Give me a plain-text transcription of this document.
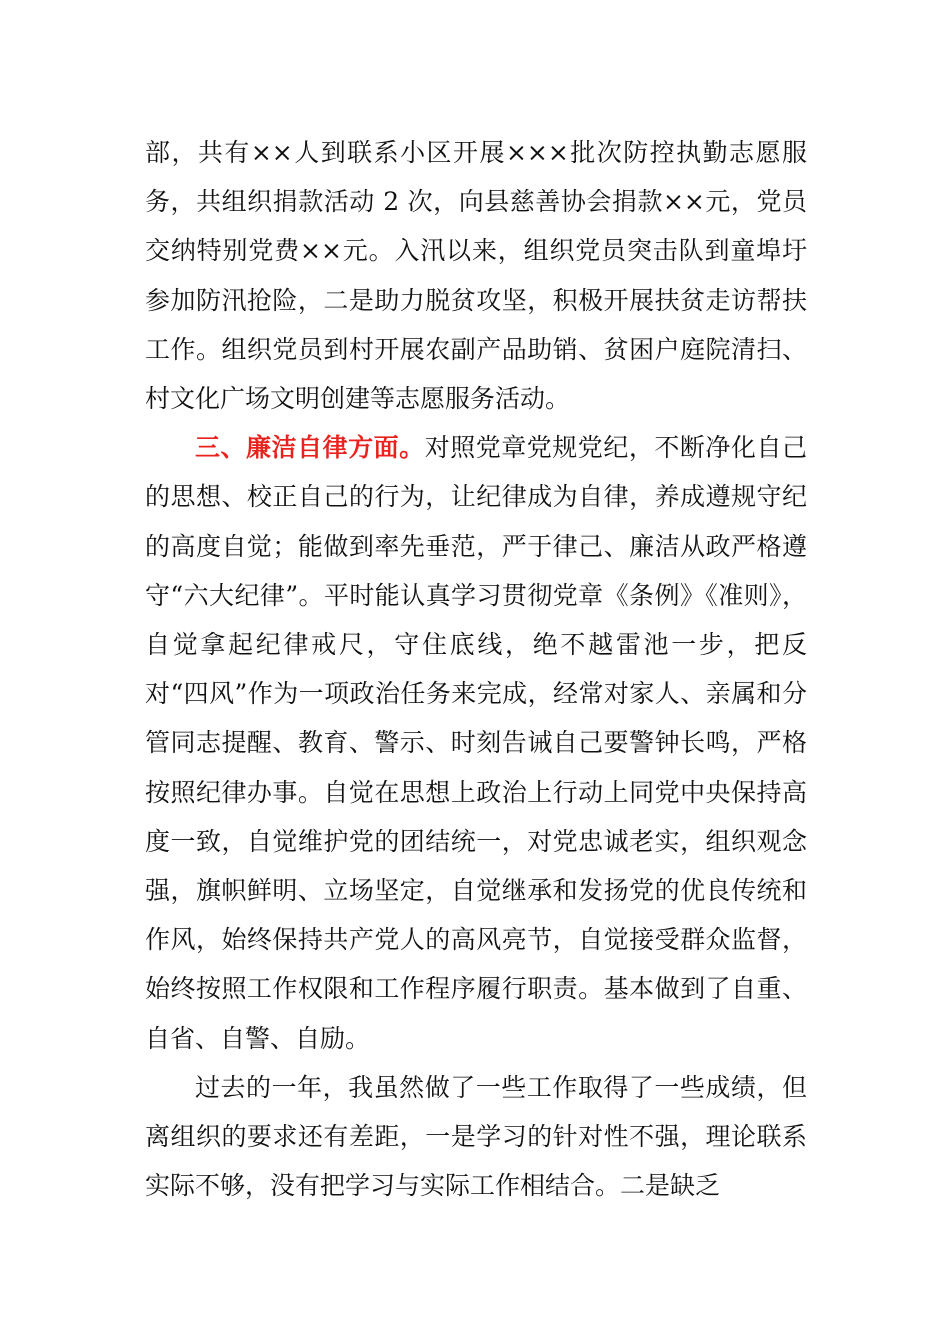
部，共有××人到联系小区开展×××批次防控执勤志愿服务，共组织捐款活动 2 次，向县慈善协会捐款××元，党员交纳特别党费××元。入汛以来，组织党员突击队到童埠圩参加防汛抢险，二是助力脱贫攻坚，积极开展扶贫走访帮扶工作。组织党员到村开展农副产品助销、贫困户庭院清扫、村文化广场文明创建等志愿服务活动。

三、廉洁自律方面。对照党章党规党纪，不断净化自己的思想、校正自己的行为，让纪律成为自律，养成遵规守纪的高度自觉；能做到率先垂范，严于律己、廉洁从政严格遵守“六大纪律”。平时能认真学习贯彻党章《条例》《准则》，自觉拿起纪律戒尺，守住底线，绝不越雷池一步，把反对“四风”作为一项政治任务来完成，经常对家人、亲属和分管同志提醒、教育、警示、时刻告诫自己要警钟长鸣，严格按照纪律办事。自觉在思想上政治上行动上同党中央保持高度一致，自觉维护党的团结统一，对党忠诚老实，组织观念强，旗帜鲜明、立场坚定，自觉继承和发扬党的优良传统和作风，始终保持共产党人的高风亮节，自觉接受群众监督，始终按照工作权限和工作程序履行职责。基本做到了自重、自省、自警、自励。

过去的一年，我虽然做了一些工作取得了一些成绩，但离组织的要求还有差距，一是学习的针对性不强，理论联系实际不够，没有把学习与实际工作相结合。二是缺乏
